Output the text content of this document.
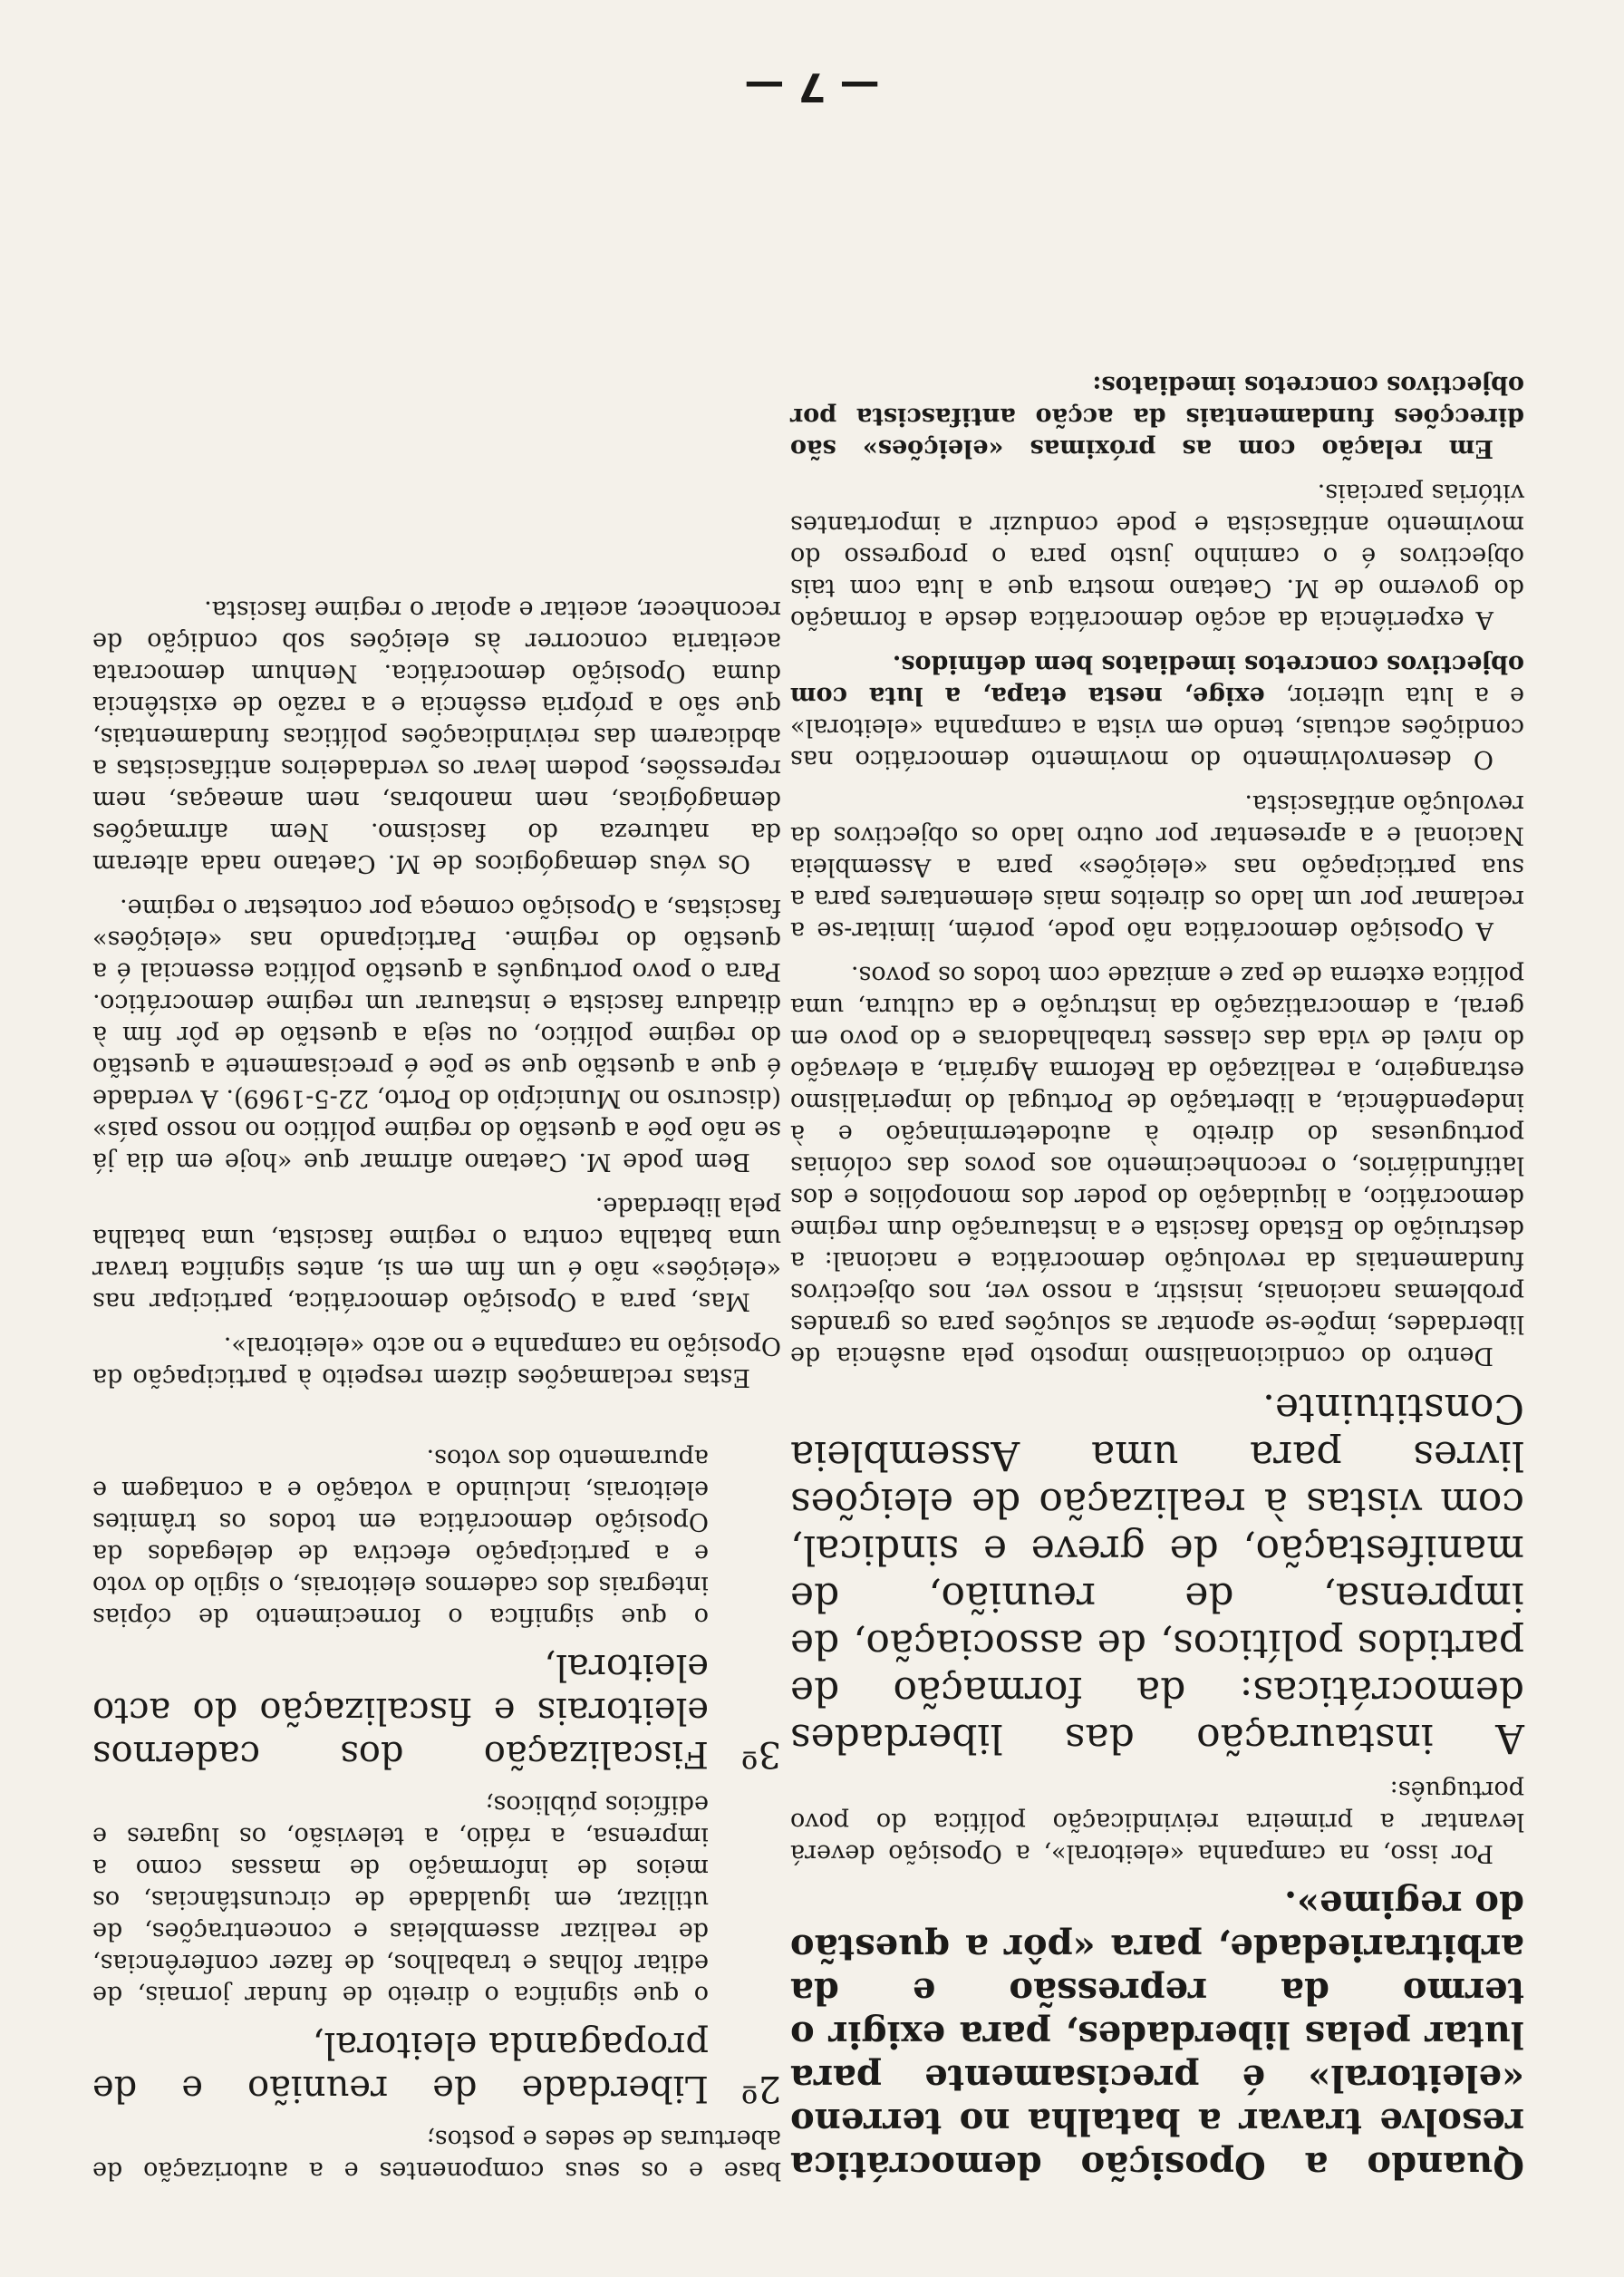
Quando a Oposição democrática resolve travar a batalha no terreno «eleitoral» é precisamente para lutar pelas liberdades, para exigir o termo da repressão e da arbitrariedade, para «pôr a questão do regime».

Por isso, na campanha «eleitoral», a Oposição deverá levantar a primeira reivindicação política do povo português:

A instauração das liberdades democráticas: da formação de partidos políticos, de associação, de imprensa, de reunião, de manifestação, de greve e sindical, com vistas à realização de eleições livres para uma Assembleia Constituinte.

Dentro do condicionalismo imposto pela ausência de liberdades, impõe-se apontar as soluções para os grandes problemas nacionais, insistir, a nosso ver, nos objectivos fundamentais da revolução democrática e nacional: a destruição do Estado fascista e a instauração dum regime democrático, a liquidação do poder dos monopólios e dos latifundiários, o reconhecimento aos povos das colónias portuguesas do direito à autodeterminação e à independência, a libertação de Portugal do imperialismo estrangeiro, a realização da Reforma Agrária, a elevação do nível de vida das classes trabalhadoras e do povo em geral, a democratização da instrução e da cultura, uma política externa de paz e amizade com todos os povos.

A Oposição democrática não pode, porém, limitar-se a reclamar por um lado os direitos mais elementares para a sua participação nas «eleições» para a Assembleia Nacional e a apresentar por outro lado os objectivos da revolução antifascista.

O desenvolvimento do movimento democrático nas condições actuais, tendo em vista a campanha «eleitoral» e a luta ulterior, exige, nesta etapa, a luta com objectivos concretos imediatos bem definidos.

A experiência da acção democrática desde a formação do governo de M. Caetano mostra que a luta com tais objectivos é o caminho justo para o progresso do movimento antifascista e pode conduzir a importantes vitórias parciais.

Em relação com as próximas «eleições» são direcções fundamentais da acção antifascista por objectivos concretos imediatos:

base e os seus componentes e a autorização de aberturas de sedes e postos;

2º

Liberdade de reunião e de propaganda eleitoral,

o que significa o direito de fundar jornais, de editar folhas e trabalhos, de fazer conferências, de realizar assembleias e concentrações, de utilizar, em igualdade de circunstâncias, os meios de informação de massas como a imprensa, a rádio, a televisão, os lugares e edifícios públicos;

3º

Fiscalização dos cadernos eleitorais e fiscalização do acto eleitoral,

o que significa o fornecimento de cópias integrais dos cadernos eleitorais, o sigilo do voto e a participação efectiva de delegados da Oposição democrática em todos os trâmites eleitorais, incluindo a votação e a contagem e apuramento dos votos.

Estas reclamações dizem respeito à participação da Oposição na campanha e no acto «eleitoral».

Mas, para a Oposição democrática, participar nas «eleições» não é um fim em si, antes significa travar uma batalha contra o regime fascista, uma batalha pela liberdade.

Bem pode M. Caetano afirmar que «hoje em dia já se não põe a questão do regime político no nosso país» (discurso no Município do Porto, 22-5-1969). A verdade é que a questão que se põe é precisamente a questão do regime político, ou seja a questão de pôr fim à ditadura fascista e instaurar um regime democrático. Para o povo português a questão política essencial é a questão do regime. Participando nas «eleições» fascistas, a Oposição começa por contestar o regime.

Os véus demagógicos de M. Caetano nada alteram da natureza do fascismo. Nem afirmações demagógicas, nem manobras, nem ameaças, nem repressões, podem levar os verdadeiros antifascistas a abdicarem das reivindicações políticas fundamentais, que são a própria essência e a razão de existência duma Oposição democrática. Nenhum democrata aceitaria concorrer às eleições sob condição de reconhecer, aceitar e apoiar o regime fascista.

— 7 —
